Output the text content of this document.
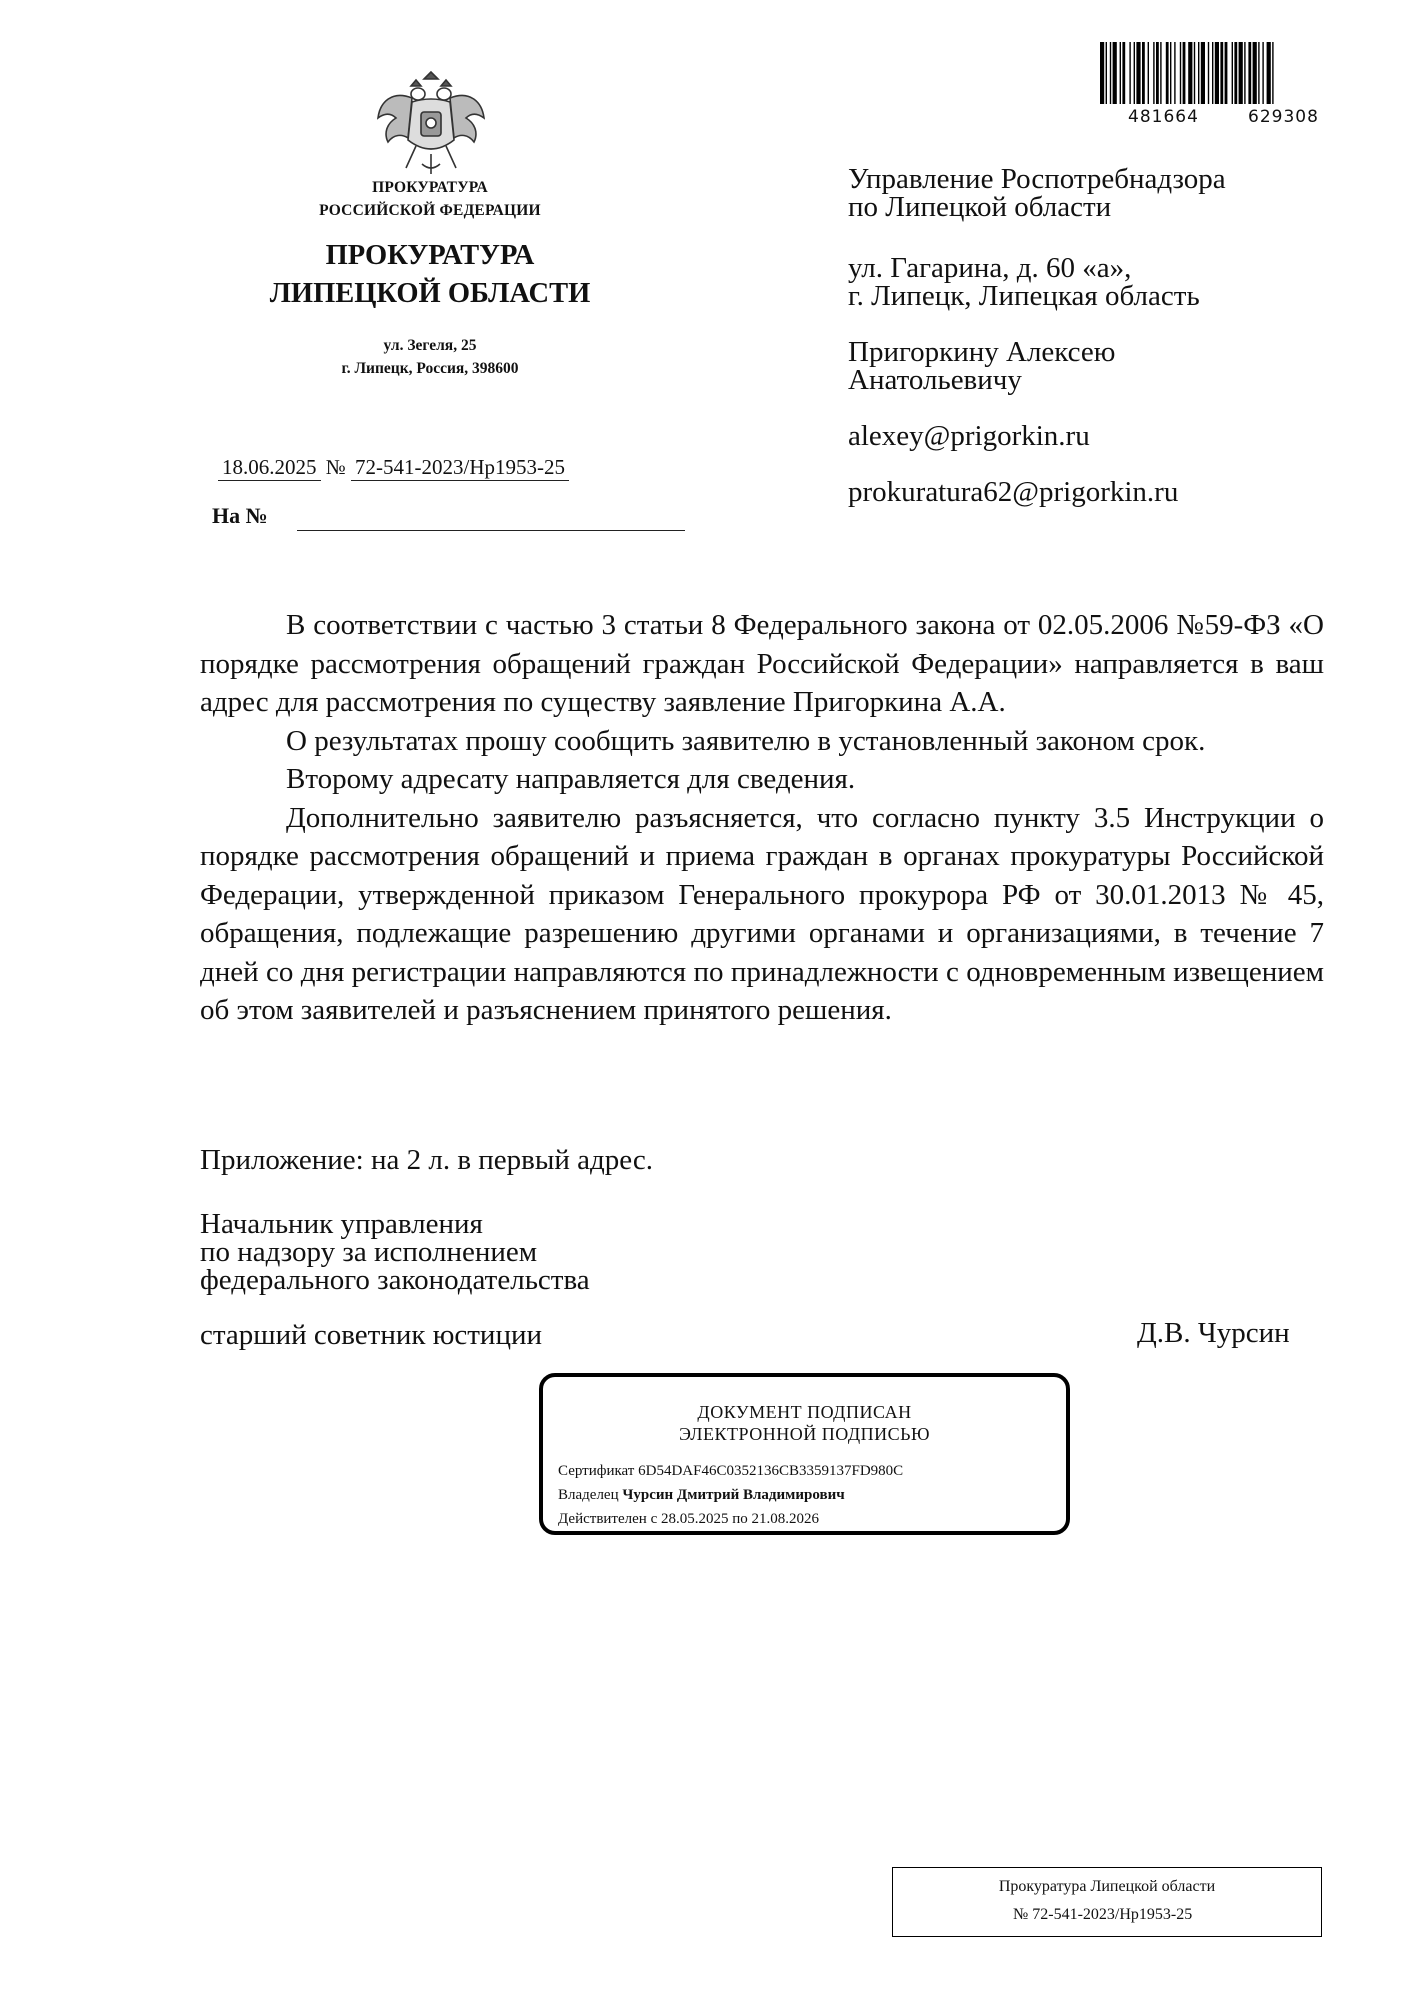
ПРОКУРАТУРА
РОССИЙСКОЙ ФЕДЕРАЦИИ
ПРОКУРАТУРА
ЛИПЕЦКОЙ ОБЛАСТИ
ул. Зегеля, 25
г. Липецк, Россия, 398600
18.06.2025 № 72-541-2023/Нр1953-25
На №
481664	629308
Управление Роспотребнадзора
по Липецкой области
ул. Гагарина, д. 60 «а»,
г. Липецк, Липецкая область
Пригоркину Алексею
Анатольевичу
alexey@prigorkin.ru
prokuratura62@prigorkin.ru

В соответствии с частью 3 статьи 8 Федерального закона от 02.05.2006 №59-ФЗ «О порядке рассмотрения обращений граждан Российской Федерации» направляется в ваш адрес для рассмотрения по существу заявление Пригоркина А.А.

О результатах прошу сообщить заявителю в установленный законом срок.

Второму адресату направляется для сведения.

Дополнительно заявителю разъясняется, что согласно пункту 3.5 Инструкции о порядке рассмотрения обращений и приема граждан в органах прокуратуры Российской Федерации, утвержденной приказом Генерального прокурора РФ от 30.01.2013 № 45, обращения, подлежащие разрешению другими органами и организациями, в течение 7 дней со дня регистрации направляются по принадлежности с одновременным извещением об этом заявителей и разъяснением принятого решения.

Приложение: на 2 л. в первый адрес.
Начальник управления
по надзору за исполнением
федерального законодательства
старший советник юстиции	Д.В. Чурсин
ДОКУМЕНТ ПОДПИСАН
ЭЛЕКТРОННОЙ ПОДПИСЬЮ
Сертификат 6D54DAF46C0352136CB3359137FD980C
Владелец Чурсин Дмитрий Владимирович
Действителен с 28.05.2025 по 21.08.2026
Прокуратура Липецкой области
№ 72-541-2023/Нр1953-25
